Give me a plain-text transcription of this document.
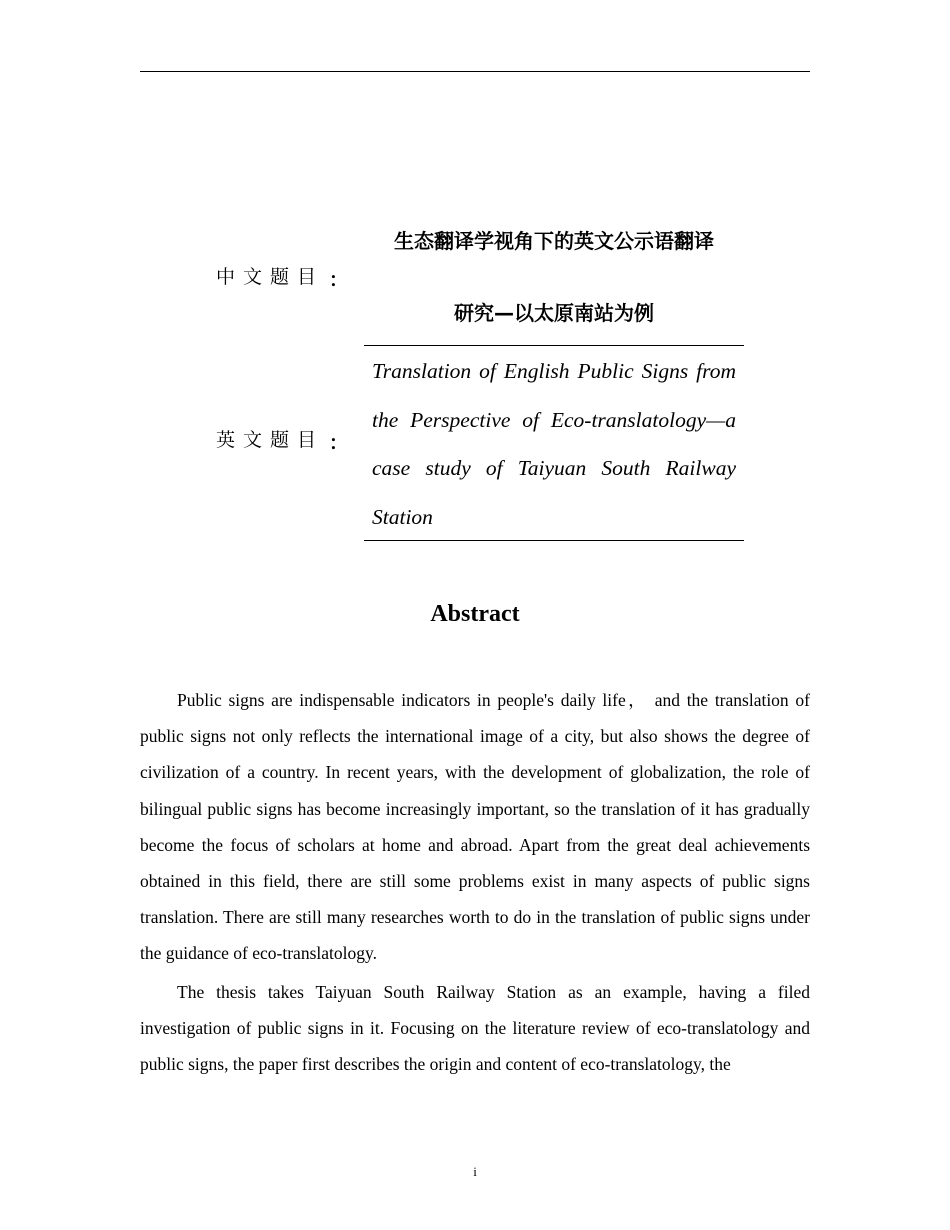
中文题目 ：
生态翻译学视角下的英文公示语翻译
研究—以太原南站为例
英文题目 ：
Translation of English Public Signs from the Perspective of Eco-translatology—a case study of Taiyuan South Railway Station
Abstract

Public signs are indispensable indicators in people's daily life， and the translation of public signs not only reflects the international image of a city, but also shows the degree of civilization of a country. In recent years, with the development of globalization, the role of bilingual public signs has become increasingly important, so the translation of it has gradually become the focus of scholars at home and abroad. Apart from the great deal achievements obtained in this field, there are still some problems exist in many aspects of public signs translation. There are still many researches worth to do in the translation of public signs under the guidance of eco-translatology.

The thesis takes Taiyuan South Railway Station as an example, having a filed investigation of public signs in it. Focusing on the literature review of eco-translatology and public signs, the paper first describes the origin and content of eco-translatology, the

i
